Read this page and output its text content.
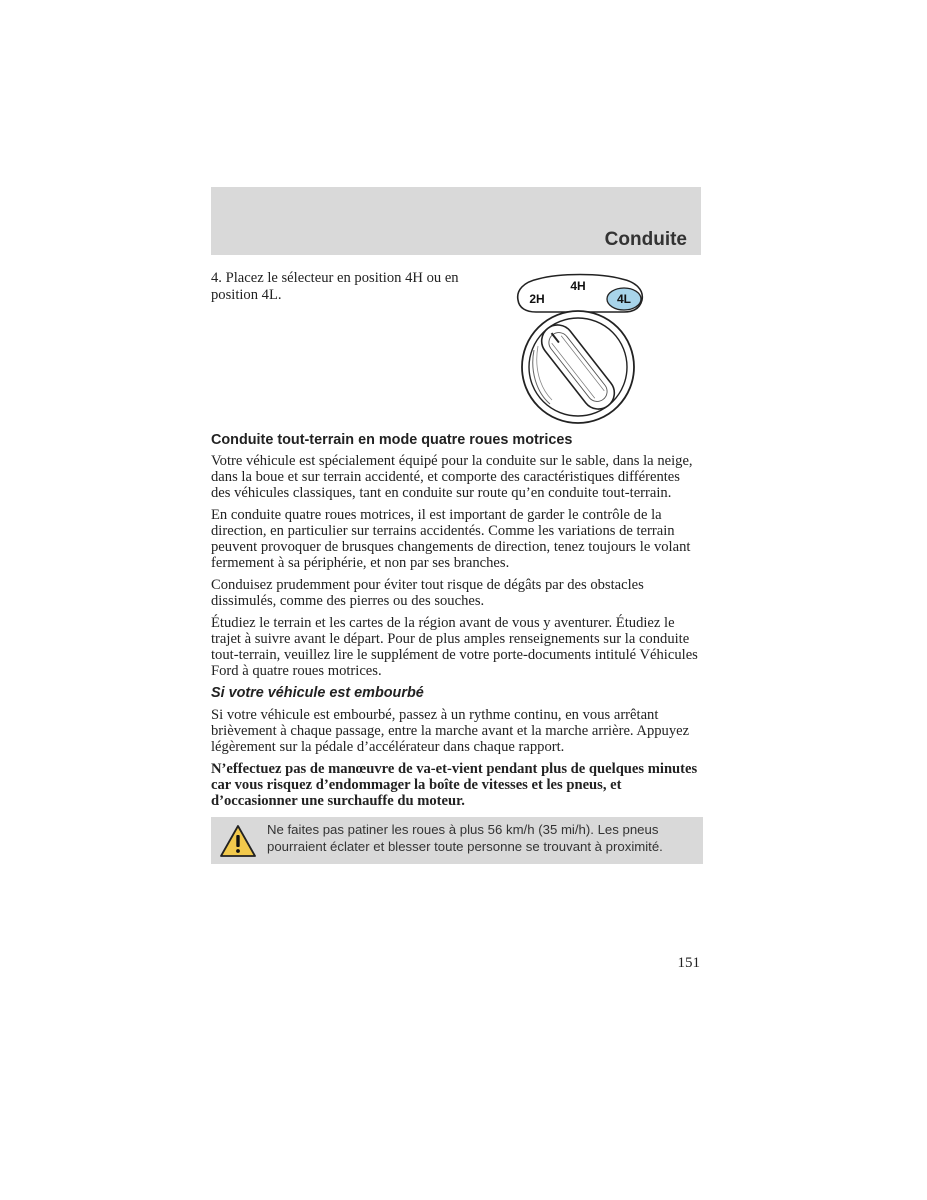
Conduite
4. Placez le sélecteur en position 4H ou en position 4L.	2H
4H
4L
Conduite tout-terrain en mode quatre roues motrices

Votre véhicule est spécialement équipé pour la conduite sur le sable, dans la neige, dans la boue et sur terrain accidenté, et comporte des caractéristiques différentes des véhicules classiques, tant en conduite sur route qu’en conduite tout-terrain.

En conduite quatre roues motrices, il est important de garder le contrôle de la direction, en particulier sur terrains accidentés. Comme les variations de terrain peuvent provoquer de brusques changements de direction, tenez toujours le volant fermement à sa périphérie, et non par ses branches.

Conduisez prudemment pour éviter tout risque de dégâts par des obstacles dissimulés, comme des pierres ou des souches.

Étudiez le terrain et les cartes de la région avant de vous y aventurer. Étudiez le trajet à suivre avant le départ. Pour de plus amples renseignements sur la conduite tout-terrain, veuillez lire le supplément de votre porte-documents intitulé Véhicules Ford à quatre roues motrices.

Si votre véhicule est embourbé

Si votre véhicule est embourbé, passez à un rythme continu, en vous arrêtant brièvement à chaque passage, entre la marche avant et la marche arrière. Appuyez légèrement sur la pédale d’accélérateur dans chaque rapport.

N’effectuez pas de manœuvre de va-et-vient pendant plus de quelques minutes car vous risquez d’endommager la boîte de vitesses et les pneus, et d’occasionner une surchauffe du moteur.

Ne faites pas patiner les roues à plus 56 km/h (35 mi/h). Les pneus pourraient éclater et blesser toute personne se trouvant à proximité.
151
